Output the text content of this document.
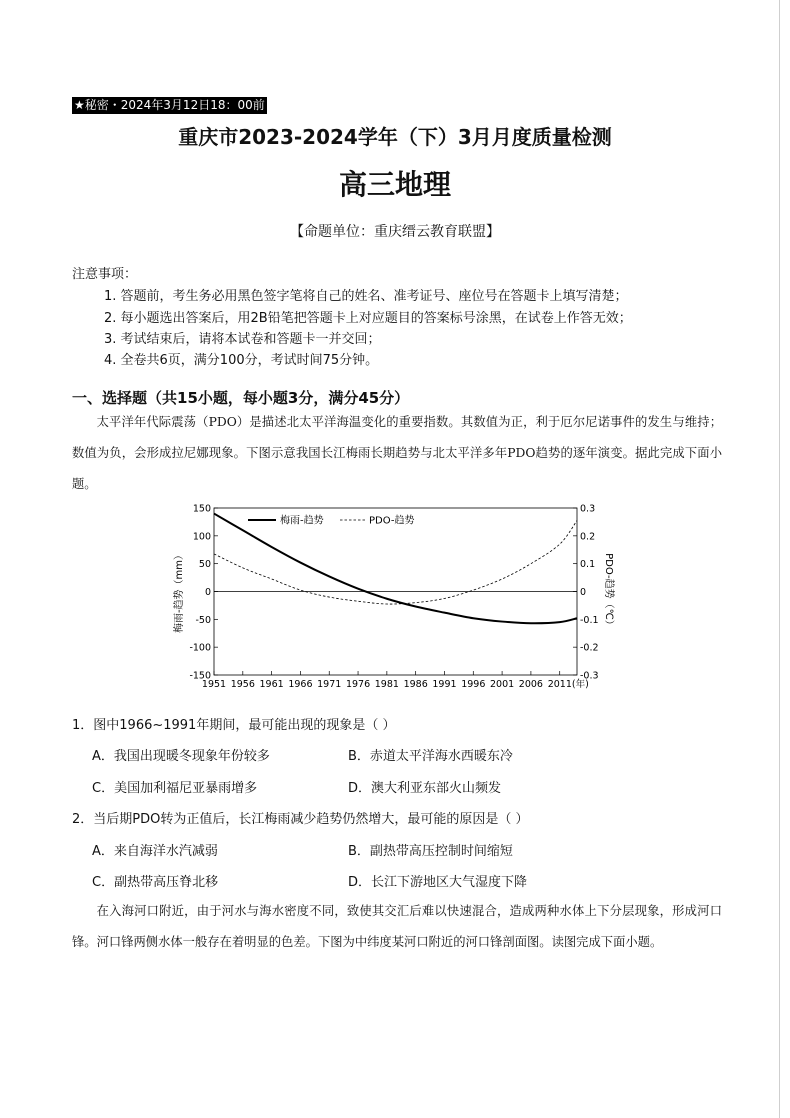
★秘密・2024年3月12日18：00前
重庆市2023-2024学年（下）3月月度质量检测
高三地理
【命题单位：重庆缙云教育联盟】
注意事项：
1. 答题前，考生务必用黑色签字笔将自己的姓名、准考证号、座位号在答题卡上填写清楚；
2. 每小题选出答案后，用2B铅笔把答题卡上对应题目的答案标号涂黑，在试卷上作答无效；
3. 考试结束后，请将本试卷和答题卡一并交回；
4. 全卷共6页，满分100分，考试时间75分钟。
一、选择题（共15小题，每小题3分，满分45分）
太平洋年代际震荡（PDO）是描述北太平洋海温变化的重要指数。其数值为正，利于厄尔尼诺事件的发生与维持；数值为负，会形成拉尼娜现象。下图示意我国长江梅雨长期趋势与北太平洋多年PDO趋势的逐年演变。据此完成下面小题。
150
100
50
0
-50
-100
-150
0.3
0.2
0.1
0
-0.1
-0.2
-0.3
1951 1956 1961 1966 1971 1976 1981 1986 1991 1996 2001 2006 2011(年)
梅雨-趋势（mm）	PDO-趋势（℃）
梅雨-趋势	PDO-趋势
1．图中1966~1991年期间，最可能出现的现象是（ ）
A．我国出现暖冬现象年份较多	B．赤道太平洋海水西暖东冷
C．美国加利福尼亚暴雨增多	D．澳大利亚东部火山频发
2．当后期PDO转为正值后，长江梅雨减少趋势仍然增大，最可能的原因是（ ）
A．来自海洋水汽减弱	B．副热带高压控制时间缩短
C．副热带高压脊北移	D．长江下游地区大气湿度下降
在入海河口附近，由于河水与海水密度不同，致使其交汇后难以快速混合，造成两种水体上下分层现象，形成河口锋。河口锋两侧水体一般存在着明显的色差。下图为中纬度某河口附近的河口锋剖面图。读图完成下面小题。
